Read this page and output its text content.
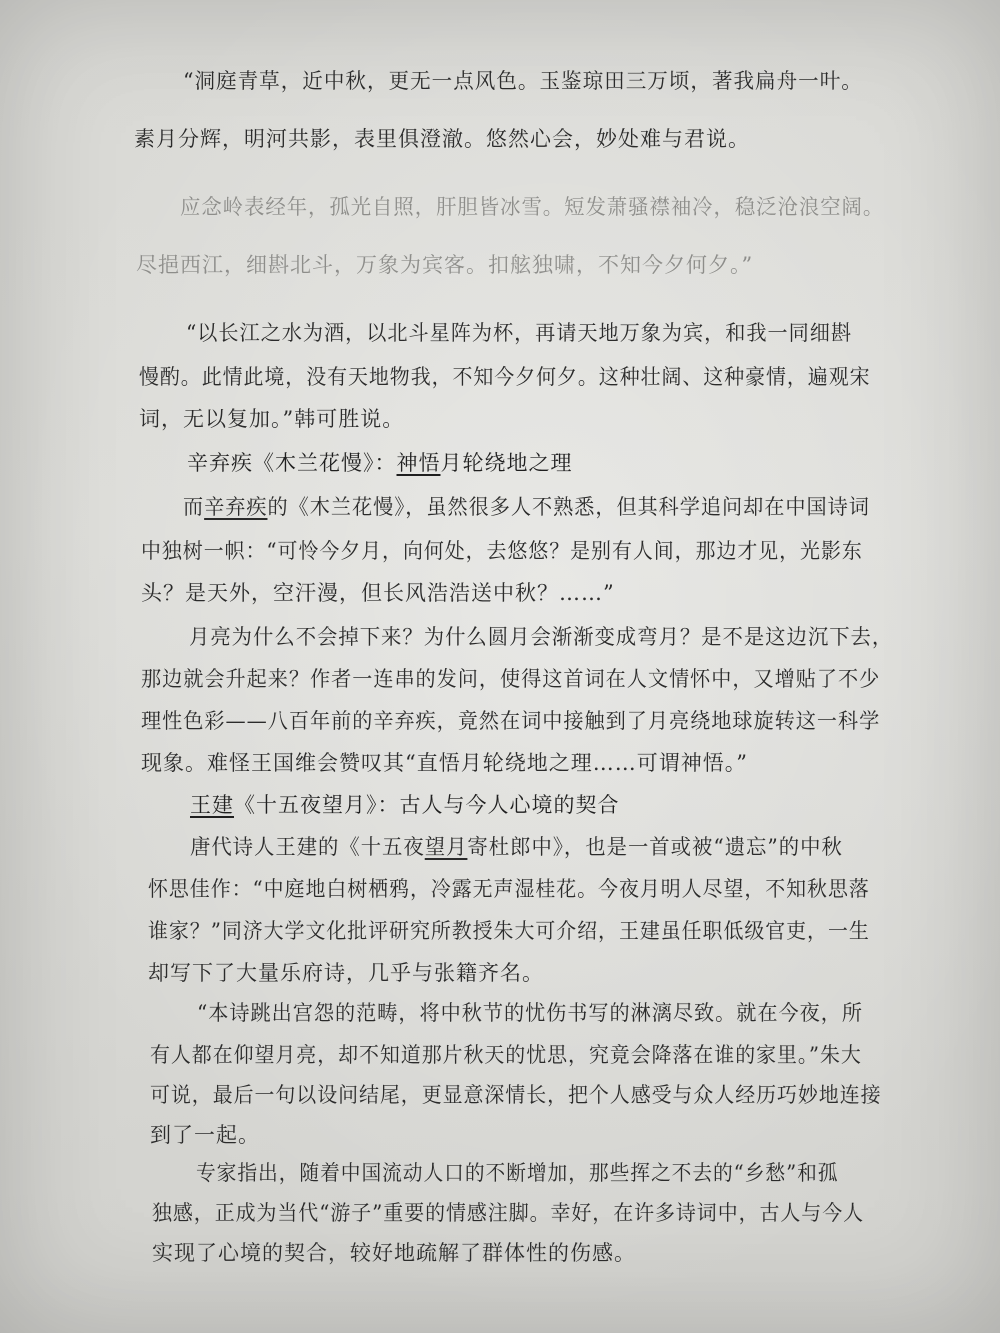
“洞庭青草，近中秋，更无一点风色。玉鉴琼田三万顷，著我扁舟一叶。
素月分辉，明河共影，表里俱澄澈。悠然心会，妙处难与君说。
应念岭表经年，孤光自照，肝胆皆冰雪。短发萧骚襟袖冷，稳泛沧浪空阔。
尽挹西江，细斟北斗，万象为宾客。扣舷独啸，不知今夕何夕。”
“以长江之水为酒，以北斗星阵为杯，再请天地万象为宾，和我一同细斟
慢酌。此情此境，没有天地物我，不知今夕何夕。这种壮阔、这种豪情，遍观宋
词，无以复加。”韩可胜说。
辛弃疾《木兰花慢》：神悟月轮绕地之理
而辛弃疾的《木兰花慢》，虽然很多人不熟悉，但其科学追问却在中国诗词
中独树一帜：“可怜今夕月，向何处，去悠悠？是别有人间，那边才见，光影东
头？是天外，空汗漫，但长风浩浩送中秋？……”
月亮为什么不会掉下来？为什么圆月会渐渐变成弯月？是不是这边沉下去，
那边就会升起来？作者一连串的发问，使得这首词在人文情怀中，又增贴了不少
理性色彩——八百年前的辛弃疾，竟然在词中接触到了月亮绕地球旋转这一科学
现象。难怪王国维会赞叹其“直悟月轮绕地之理……可谓神悟。”
王建《十五夜望月》：古人与今人心境的契合
唐代诗人王建的《十五夜望月寄杜郎中》，也是一首或被“遗忘”的中秋
怀思佳作：“中庭地白树栖鸦，冷露无声湿桂花。今夜月明人尽望，不知秋思落
谁家？”同济大学文化批评研究所教授朱大可介绍，王建虽任职低级官吏，一生
却写下了大量乐府诗，几乎与张籍齐名。
“本诗跳出宫怨的范畴，将中秋节的忧伤书写的淋漓尽致。就在今夜，所
有人都在仰望月亮，却不知道那片秋天的忧思，究竟会降落在谁的家里。”朱大
可说，最后一句以设问结尾，更显意深情长，把个人感受与众人经历巧妙地连接
到了一起。
专家指出，随着中国流动人口的不断增加，那些挥之不去的“乡愁”和孤
独感，正成为当代“游子”重要的情感注脚。幸好，在许多诗词中，古人与今人
实现了心境的契合，较好地疏解了群体性的伤感。
